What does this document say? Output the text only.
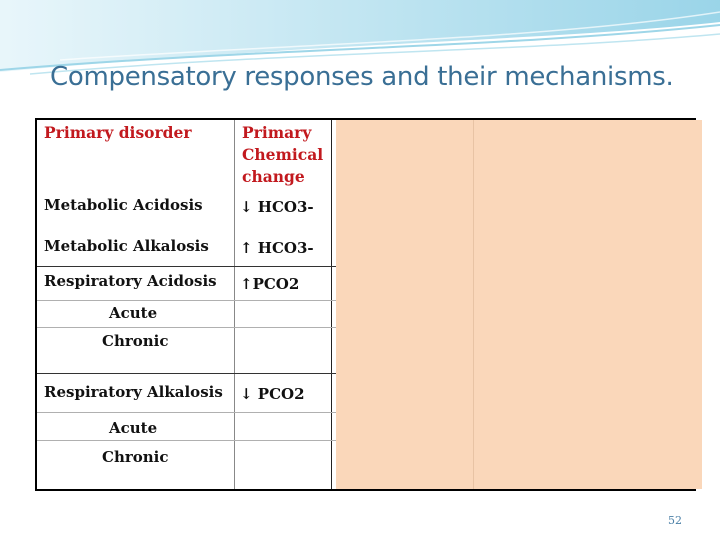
Compensatory responses and their mechanisms.
Primary disorder	Primary
Chemical
change
Metabolic Acidosis ↓ HCO3-
Metabolic Alkalosis ↑ HCO3-
Respiratory Acidosis ↑PCO2
Acute
Chronic
Respiratory Alkalosis ↓ PCO2
Acute
Chronic
52
